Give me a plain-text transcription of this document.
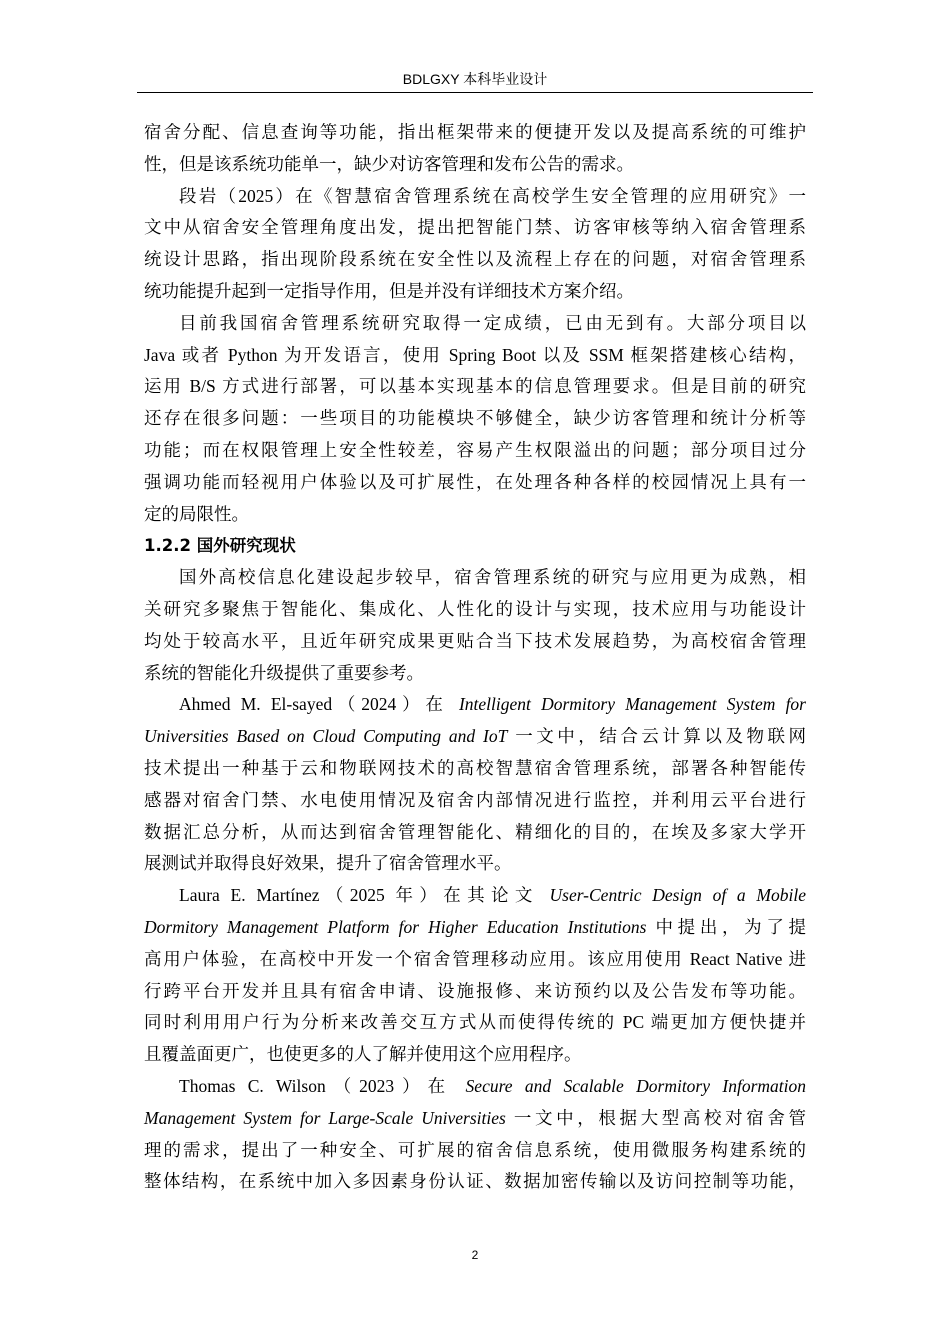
BDLGXY 本科毕业设计

宿舍分配、信息查询等功能，指出框架带来的便捷开发以及提高系统的可维护
性，但是该系统功能单一，缺少对访客管理和发布公告的需求。

段岩（2025）在《智慧宿舍管理系统在高校学生安全管理的应用研究》一
文中从宿舍安全管理角度出发，提出把智能门禁、访客审核等纳入宿舍管理系
统设计思路，指出现阶段系统在安全性以及流程上存在的问题，对宿舍管理系
统功能提升起到一定指导作用，但是并没有详细技术方案介绍。

目前我国宿舍管理系统研究取得一定成绩，已由无到有。大部分项目以
Java 或者 Python 为开发语言，使用 Spring Boot 以及 SSM 框架搭建核心结构，
运用 B/S 方式进行部署，可以基本实现基本的信息管理要求。但是目前的研究
还存在很多问题：一些项目的功能模块不够健全，缺少访客管理和统计分析等
功能；而在权限管理上安全性较差，容易产生权限溢出的问题；部分项目过分
强调功能而轻视用户体验以及可扩展性，在处理各种各样的校园情况上具有一
定的局限性。

1.2.2 国外研究现状

国外高校信息化建设起步较早，宿舍管理系统的研究与应用更为成熟，相
关研究多聚焦于智能化、集成化、人性化的设计与实现，技术应用与功能设计
均处于较高水平，且近年研究成果更贴合当下技术发展趋势，为高校宿舍管理
系统的智能化升级提供了重要参考。

Ahmed M. El-sayed（2024）在 Intelligent Dormitory Management System for
Universities Based on Cloud Computing and IoT 一文中，结合云计算以及物联网
技术提出一种基于云和物联网技术的高校智慧宿舍管理系统，部署各种智能传
感器对宿舍门禁、水电使用情况及宿舍内部情况进行监控，并利用云平台进行
数据汇总分析，从而达到宿舍管理智能化、精细化的目的，在埃及多家大学开
展测试并取得良好效果，提升了宿舍管理水平。

Laura E. Martínez（2025 年）在其论文 User-Centric Design of a Mobile
Dormitory Management Platform for Higher Education Institutions 中提出，为了提
高用户体验，在高校中开发一个宿舍管理移动应用。该应用使用 React Native 进
行跨平台开发并且具有宿舍申请、设施报修、来访预约以及公告发布等功能。
同时利用用户行为分析来改善交互方式从而使得传统的 PC 端更加方便快捷并
且覆盖面更广，也使更多的人了解并使用这个应用程序。

Thomas C. Wilson（2023）在 Secure and Scalable Dormitory Information
Management System for Large-Scale Universities 一文中，根据大型高校对宿舍管
理的需求，提出了一种安全、可扩展的宿舍信息系统，使用微服务构建系统的
整体结构，在系统中加入多因素身份认证、数据加密传输以及访问控制等功能，

2
